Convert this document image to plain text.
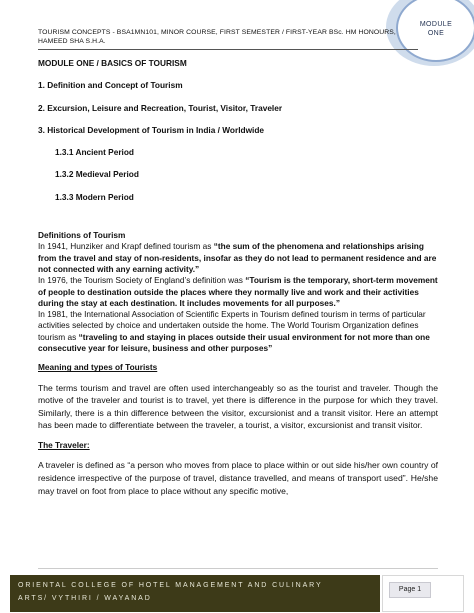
MODULE
ONE
TOURISM CONCEPTS - BSA1MN101, MINOR COURSE, FIRST SEMESTER / FIRST-YEAR BSc. HM HONOURS, HAMEED SHA S.H.A.

MODULE ONE / BASICS OF TOURISM

1. Definition and Concept of Tourism

2. Excursion, Leisure and Recreation, Tourist, Visitor, Traveler

3. Historical Development of Tourism in India / Worldwide

1.3.1 Ancient Period

1.3.2 Medieval Period

1.3.3 Modern Period

Definitions of Tourism

In 1941, Hunziker and Krapf defined tourism as “the sum of the phenomena and relationships arising from the travel and stay of non-residents, insofar as they do not lead to permanent residence and are not connected with any earning activity.”

In 1976, the Tourism Society of England’s definition was “Tourism is the temporary, short-term movement of people to destination outside the places where they normally live and work and their activities during the stay at each destination. It includes movements for all purposes.”

In 1981, the International Association of Scientific Experts in Tourism defined tourism in terms of particular activities selected by choice and undertaken outside the home. The World Tourism Organization defines tourism as “traveling to and staying in places outside their usual environment for not more than one consecutive year for leisure, business and other purposes”

Meaning and types of Tourists

The terms tourism and travel are often used interchangeably so as the tourist and traveler. Though the motive of the traveler and tourist is to travel, yet there is difference in the purpose for which they travel. Similarly, there is a thin difference between the visitor, excursionist and a transit visitor. Here an attempt has been made to differentiate between the traveler, a tourist, a visitor, excursionist and transit visitor.

The Traveler:

A traveler is defined as “a person who moves from place to place within or out side his/her own country of residence irrespective of the purpose of travel, distance travelled, and means of transport used”. He/she may travel on foot from place to place without any specific motive,

ORIENTAL COLLEGE OF HOTEL MANAGEMENT AND CULINARY
ARTS/ VYTHIRI / WAYANAD
Page 1
